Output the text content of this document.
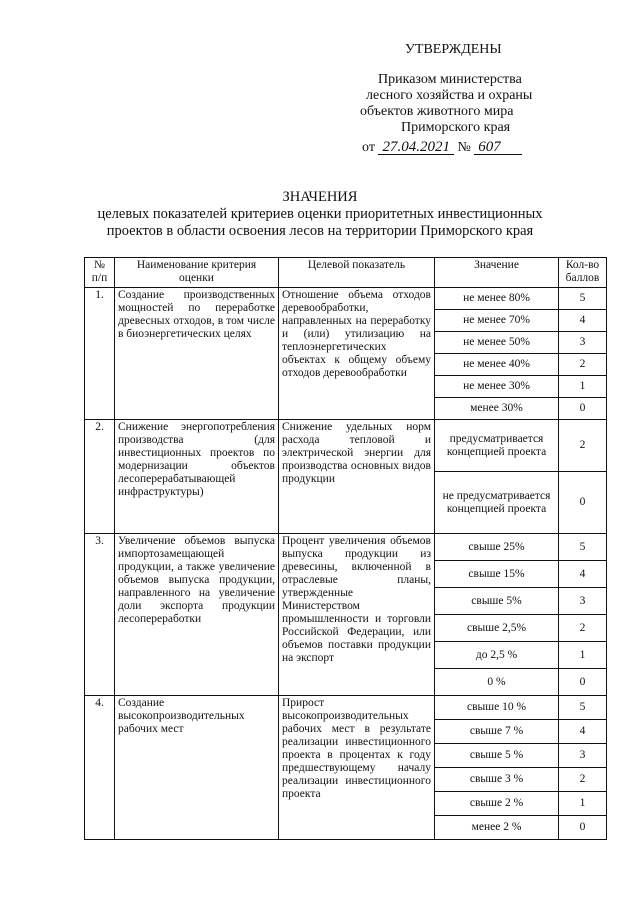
УТВЕРЖДЕНЫ
Приказом министерства
лесного хозяйства и охраны
объектов животного мира
Приморского края
от 27.04.2021 № 607
ЗНАЧЕНИЯ
целевых показателей критериев оценки приоритетных инвестиционных
проектов в области освоения лесов на территории Приморского края
№ п/п	Наименование критерия оценки	Целевой показатель	Значение	Кол-во баллов
1.	Создание производственных мощностей по переработке древесных отходов, в том числе в биоэнергетических целях	Отношение объема отходов деревообработки, направленных на переработку и (или) утилизацию на теплоэнергетических объектах к общему объему отходов деревообработки	не менее 80%	5
			не менее 70%	4
			не менее 50%	3
			не менее 40%	2
			не менее 30%	1
			менее 30%	0
2.	Снижение энергопотребления производства (для инвестиционных проектов по модернизации объектов лесоперерабатывающей инфраструктуры)	Снижение удельных норм расхода тепловой и электрической энергии для производства основных видов продукции	предусматривается концепцией проекта	2
			не предусматривается концепцией проекта	0
3.	Увеличение объемов выпуска импортозамещающей продукции, а также увеличение объемов выпуска продукции, направленного на увеличение доли экспорта продукции лесопереработки	Процент увеличения объемов выпуска продукции из древесины, включенной в отраслевые планы, утвержденные Министерством промышленности и торговли Российской Федерации, или объемов поставки продукции на экспорт	свыше 25%	5
			свыше 15%	4
			свыше 5%	3
			свыше 2,5%	2
			до 2,5 %	1
			0 %	0
4.	Создание высокопроизводительных рабочих мест	Прирост высокопроизводительных рабочих мест в результате реализации инвестиционного проекта в процентах к году предшествующему началу реализации инвестиционного проекта	свыше 10 %	5
			свыше 7 %	4
			свыше 5 %	3
			свыше 3 %	2
			свыше 2 %	1
			менее 2 %	0
